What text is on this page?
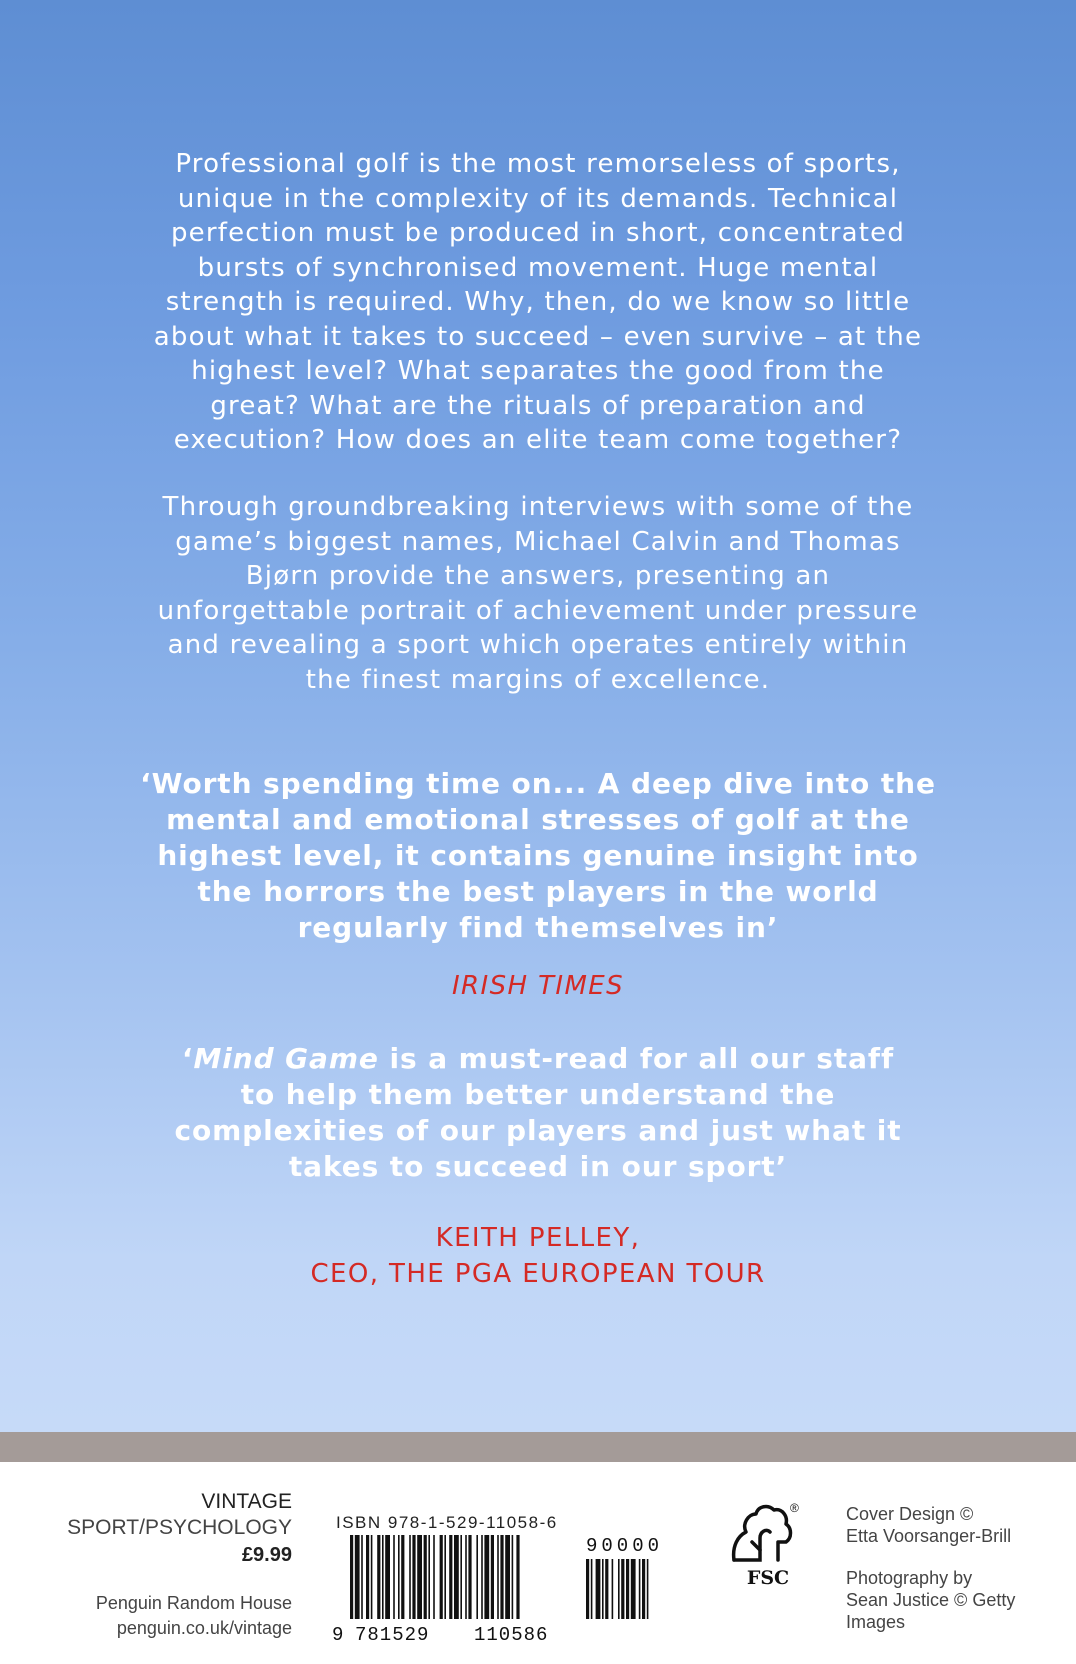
Professional golf is the most remorseless of sports,
unique in the complexity of its demands. Technical
perfection must be produced in short, concentrated
bursts of synchronised movement. Huge mental
strength is required. Why, then, do we know so little
about what it takes to succeed – even survive – at the
highest level? What separates the good from the
great? What are the rituals of preparation and
execution? How does an elite team come together?

Through groundbreaking interviews with some of the
game’s biggest names, Michael Calvin and Thomas
Bjørn provide the answers, presenting an
unforgettable portrait of achievement under pressure
and revealing a sport which operates entirely within
the finest margins of excellence.

‘Worth spending time on... A deep dive into the
mental and emotional stresses of golf at the
highest level, it contains genuine insight into
the horrors the best players in the world
regularly find themselves in’

IRISH TIMES

‘Mind Game is a must-read for all our staff
to help them better understand the
complexities of our players and just what it
takes to succeed in our sport’

KEITH PELLEY,
CEO, THE PGA EUROPEAN TOUR
VINTAGE
SPORT/PSYCHOLOGY
£9.99
Penguin Random House
penguin.co.uk/vintage
ISBN 978-1-529-11058-6
9 781529 110586
90000
®
FSC
Cover Design ©
Etta Voorsanger-Brill
Photography by
Sean Justice © Getty
Images
